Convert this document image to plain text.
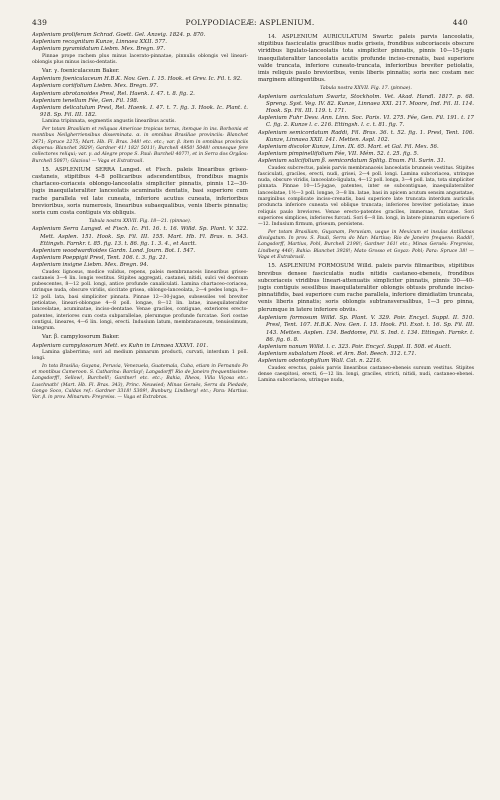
439	POLYPODIACEÆ: ASPLENIUM.	440

Asplenium proliferum Schrad. Goett. Gel. Anzeig. 1824. p. 870.

Asplenium recognitum Kunze, Linnaea XXII. 577.

Asplenium pyramidatum Liebm. Mex. Bregn. 97.

Pinnae prope rachem plus minus lacerato-pinnatae, pinnulis oblongis vel lineari-oblongis plus minus inciso-dentatis.

Var. γ. foeniculaceum Baker.

Asplenium foeniculaceum H.B.K. Nov. Gen. I. 15. Hook. et Grev. Ic. Fil. t. 92.

Asplenium coriifolium Liebm. Mex. Bregn. 97.

Asplenium abrotanoides Presl, Rel. Haenk. I. 47. t. 8. fig. 2.

Asplenium tenellum Fée, Gen. Fil. 198.

Asplenium delicatulum Presl, Rel. Haenk. I. 47. t. 7. fig. 3. Hook. Ic. Plant. t. 918. Sp. Fil. III. 182.

Lamina tripinnata, segmentis angustis linearibus acutis.

Per totam Brasiliam et reliquas Americae tropicas terras, itemque in ins. Borbonia et montibus Neilgherriensibus disseminata. α. in omnibus Brasiliae provinciis: Blanchet 2471; Spruce 2275; Mart. Hb. Fl. Bras. 348! etc. etc.; var. β. item in omnibus provinciis dispersa: Blanchet 3829!; Gardner 41! 182! 5011!; Burchell 4950! 5048! omnesque fere collectores reliqui; var. γ. ad Alegre prope S. Paul: Burchell 4077!, et in Serra dos Orgãos: Burchell 5087!; Glaziou! — Vaga et Extratrasil.

15. ASPLENIUM SERRA Langsd. et Fisch. paleis linearibus griseo-castaneis, stipitibus 4–8 pollicaribus adscendentibus, frondibus magnis chartaceo-coriaceis oblongo-lanceolatis simpliciter pinnatis, pinnis 12—30-jugis inaequilateraliter lanceolatis acuminatis dentatis, basi superiore cum rache parallela vel late cuneata, inferiore acutius cuneata, inferioribus brevioribus, soris numerosis, linearibus subaequalibus, venis liberis pinnatis; soris cum costa contiguis vix obliquis.

Tabula nostra XXVII. Fig. 18—21. (pinnae).

Asplenium Serra Langsd. et Fisch. Ic. Fil. 16. t. 16. Willd. Sp. Plant. V. 322. Mett. Asplen. 151. Hook. Sp. Fil. III. 155. Mart. Hb. Fl. Bras. n. 343. Ettingsh. Farnkr. t. 85. fig. 13. t. 86. fig. 1. 3. 4., et Auctt.

Asplenium woodwardioides Gardn. Lond. Journ. Bot. I. 547.

Asplenium Poeppigii Presl, Tent. 106. t. 3. fig. 21.

Asplenium insigne Liebm. Mex. Bregn. 94.

Caudex lignosus, modice validus, repens, paleis membranaceis linearibus griseo-castaneis 3—4 lin. longis vestitus. Stipites aggregati, castanei, nitidi, sulci vel deorsum pubescentes, 8—12 poll. longi, antice profunde canaliculati. Lamina chartaceo-coriacea, utrinque nuda, obscure viridis, siccitate grisea, oblongo-lanceolata, 2—4 pedes longa, 8—12 poll. lata, basi simpliciter pinnata. Pinnae 12—30-jugae, subsessiles vel breviter petiolatae, lineari-oblongae 4—8 poll. longae, 8—12 lin. latae, inaequilateraliter lanceolatae, acuminatae, inciso-dentatae. Venae graciles, contiguae, exteriores erecto-patentes, interiores cum costa subparallelae, plerumque profunde furcatae. Sori costae contigui, lineares, 4—6 lin. longi, erecti. Indusium latum, membranaceum, tenuissimum, integrum.

Var. β. campylosorum Baker.

Asplenium campylosorum Mett. ex Kuhn in Linnaea XXXVI. 101.

Lamina glaberrima; sori ad medium pinnarum producti, curvati, interdum 1 poll. longi.

In tota Brasilia; Guyana, Peruvia, Venezuela, Guatemala, Cuba, etiam in Fernando Po et montibus Cameroon. S. Catharina: Barclay!; Langsdorff! Rio de Janeiro frequentissime: Langsdorff!, Sellow!, Burchell!; Gardner! etc. etc.; Bahia, Ilheos, Villa Viçosa etc.: Luschnath! (Mart. Hb. Fl. Bras. 343), Princ. Neuwied; Minas Geraës, Serra da Piedade, Gongo Soco, Caldas ref.: Gardner 3318! 5309!, Bunbury, Lindberg! etc.; Para: Martius. Var. β. in prov. Minarum: Freyreiss. — Vaga et Extrabras.

14. ASPLENIUM AURICULATUM Swartz: paleis parvis lanceolatis, stipitibus fasciculatis gracilibus nudis griseis, frondibus subcoriaceis obscure viridibus ligulato-lanceolatis tota simpliciter pinnatis, pinnis 10—15-jugis inaequilateraliter lanceolatis acutis profunde inciso-crenatis, basi superiore valde truncata, inferiore cuneato-truncata, inferioribus breviter petiolatis, imis reliquis paulo brevioribus, venis liberis pinnatis; soris nec costam nec marginem attingentibus.

Tabula nostra XXVII. Fig. 17. (pinnae).

Asplenium auriculatum Swartz, Stockholm. Vet. Akad. Handl. 1817. p. 68. Spreng. Syst. Veg. IV. 82. Kunze, Linnaea XXI. 217. Moore, Ind. Fil. II. 114. Hook. Sp. Fil. III. 119. t. 171.

Asplenium Fuhr Desv. Ann. Linn. Soc. Paris. VI. 275. Fée, Gen. Fil. 191. t. 17 C. fig. 2. Kunze l. c. 216. Ettingsh. l. c. t. 81. fig. 7.

Asplenium semicordatum Raddi, Fil. Bras. 36. t. 52. fig. 1. Presl, Tent. 106. Kunze, Linnaea XXII. 141. Metten. Aspl. 102.

Asplenium discolor Kunze, Linn. IX. 65. Mart. et Gal. Fil. Mex. 56.

Asplenium pimpinellifolium Fée, VII. Mém. 52. t. 25. fig. 5.

Asplenium salicifolium β. semicordatum Splitg. Enum. Fil. Surin. 31.

Caudex subcrectus, paleis parvis membranaceis lanceolatis brunneis vestitus. Stipites fasciculati, graciles, erecti, nudi, grisei, 2—4 poll. longi. Lamina subcoriacea, utrinque nuda, obscure viridis, lanceolato-ligulata, 4—12 poll. longa, 3—4 poll. lata, tota simpliciter pinnata. Pinnae 10—15-jugae, patentes, inter se subcontiguae, inaequilateraliter lanceolatae, 1½—3 poll. longae, 3—8 lin. latae, basi in apicem acutum sensim angustatae, marginibus complicate inciso-crenatis, basi superiore late truncata interdum auriculis produncta inferiore cuneata vel oblique truncata; inferiores breviter petiolatae; imae reliquis paulo breviores. Venae erecto-patentes graciles, immersae, furcatae. Sori superiores simplices, inferiores furcati. Sori 6—8 lin. longi, in latere pinnarum superiore 6—12. Indusium firmum, griseum, persistens.

Per totam Brasiliam, Guyanam, Peruviam, usque in Mexicum et insulas Antillanas divulgatum. In prov. S. Pauli, Serra do Mar: Martius; Rio de Janeiro frequens: Raddi!, Langsdorff, Martius, Pohl, Burchell 2198!; Gardner 161! etc.; Minas Geraës: Freyreiss, Lindberg 446!; Bahia: Blanchet 3928!; Mato Grosso et Goyaz: Pohl; Para: Spruce 38! — Vaga et Extrabrasil.

15. ASPLENIUM FORMOSUM Willd. paleis parvis filimaribus, stipitibus brevibus densee fasciculatis nudis nitidis castaneo-ebeneis, frondibus subcoriaceis viridibus lineari-attenuatis simpliciter pinnatis, pinnis 30—40-jugis contiguis sessilibus inaequilateraliter oblongis obtusis profunde inciso-pinnatifidis, basi superiore cum rache parallela, inferiore dimidiatim truncata, venis liberis pinnatis; soris oblongis subtransversalibus, 1—3 pro pinna, plerumque in latere inferiore obviis.

Asplenium formosum Willd. Sp. Plant. V. 329. Poir. Encycl. Suppl. II. 510. Presl, Tent. 107. H.B.K. Nov. Gen. I. 15. Hook. Fil. Exot. t. 16. Sp. Fil. III. 143. Metten. Asplen. 134. Beddome, Fil. S. Ind. t. 134. Ettingsh. Farnkr. t. 86. fig. 6. 8.

Asplenium nanum Willd. l. c. 323. Poir. Encycl. Suppl. II. 508. et Auctt.

Asplenium subalatum Hook. et Arn. Bot. Beech. 312. t.71.

Asplenium odontophyllum Wall. Cat. n. 2216.

Caudex erectus, paleis parvis linearibus castaneo-ebeneis sursum vestitus. Stipites dense caespitosi, erecti, 6—12 lin. longi, graciles, stricti, nitidi, nudi, castaneo-ebenei. Lamina subcoriacea, utrinque nuda,
